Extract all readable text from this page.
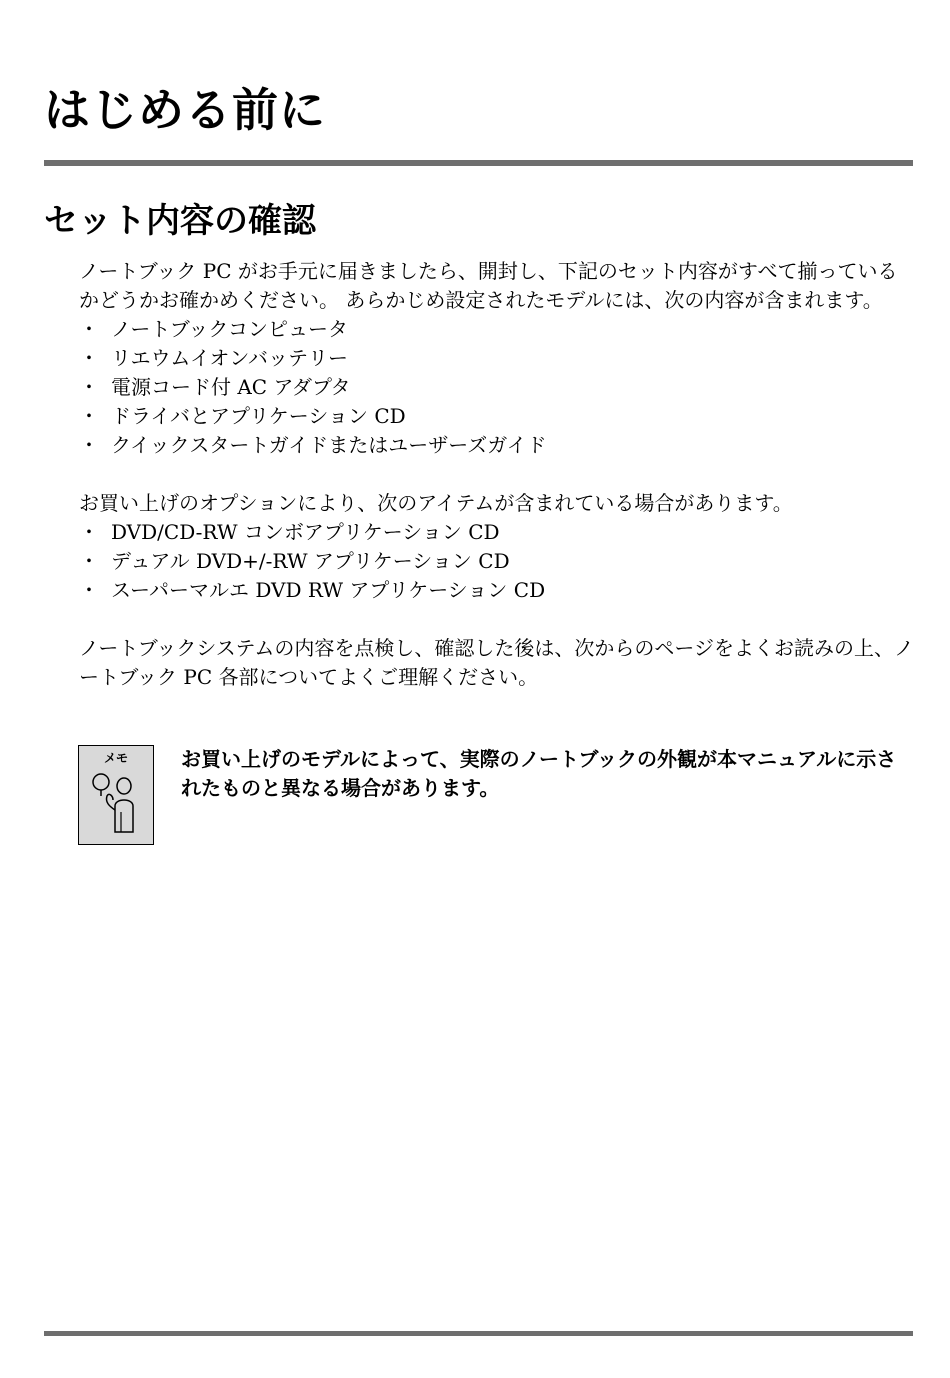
はじめる前に
セット内容の確認

ノートブック PC がお手元に届きましたら、開封し、下記のセット内容がすべて揃っているかどうかお確かめください。 あらかじめ設定されたモデルには、次の内容が含まれます。

・ ノートブックコンピュータ
・ リエウムイオンバッテリー
・ 電源コード付 AC アダプタ
・ ドライバとアプリケーション CD
・ クイックスタートガイドまたはユーザーズガイド

お買い上げのオプションにより、次のアイテムが含まれている場合があります。

・ DVD/CD-RW コンボアプリケーション CD
・ デュアル DVD+/-RW アプリケーション CD
・ スーパーマルエ DVD RW アプリケーション CD

ノートブックシステムの内容を点検し、確認した後は、次からのページをよくお読みの上、ノートブック PC 各部についてよくご理解ください。

メモ	お買い上げのモデルによって、実際のノートブックの外観が本マニュアルに示されたものと異なる場合があります。
